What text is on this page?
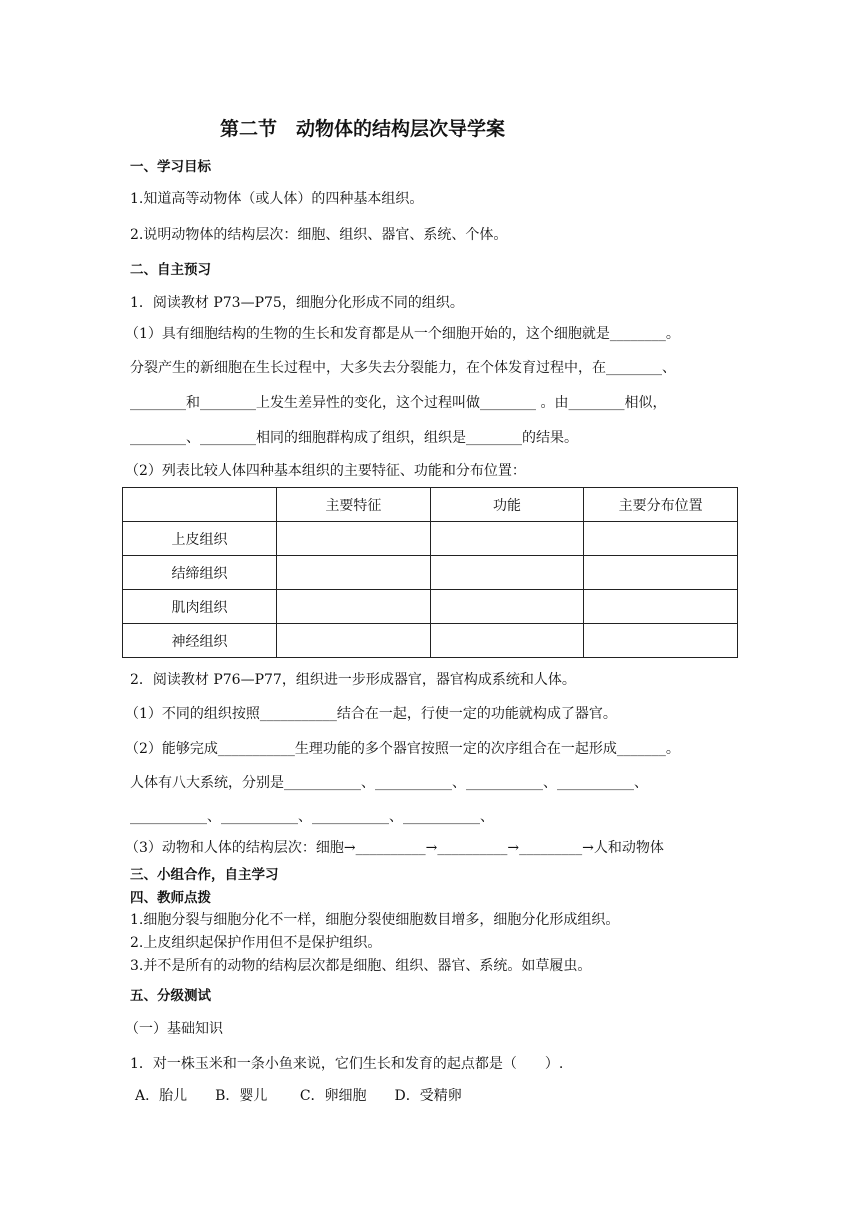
第二节　动物体的结构层次导学案
一、学习目标
1.知道高等动物体（或人体）的四种基本组织。
2.说明动物体的结构层次：细胞、组织、器官、系统、个体。
二、自主预习
1．阅读教材 P73—P75，细胞分化形成不同的组织。
（1）具有细胞结构的生物的生长和发育都是从一个细胞开始的，这个细胞就是________。
分裂产生的新细胞在生长过程中，大多失去分裂能力，在个体发育过程中，在________、
________和________上发生差异性的变化，这个过程叫做________ 。由________相似，
________、________相同的细胞群构成了组织，组织是________的结果。
（2）列表比较人体四种基本组织的主要特征、功能和分布位置：
	主要特征	功能	主要分布位置
上皮组织			
结缔组织			
肌肉组织			
神经组织			
2．阅读教材 P76—P77，组织进一步形成器官，器官构成系统和人体。
（1）不同的组织按照___________结合在一起，行使一定的功能就构成了器官。
（2）能够完成___________生理功能的多个器官按照一定的次序组合在一起形成_______。
人体有八大系统，分别是___________、___________、___________、___________、
___________、___________、___________、___________、
（3）动物和人体的结构层次：细胞→__________→__________→_________→人和动物体
三、小组合作，自主学习
四、教师点拨
1.细胞分裂与细胞分化不一样，细胞分裂使细胞数目增多，细胞分化形成组织。
2.上皮组织起保护作用但不是保护组织。
3.并不是所有的动物的结构层次都是细胞、组织、器官、系统。如草履虫。
五、分级测试
（一）基础知识
1．对一株玉米和一条小鱼来说，它们生长和发育的起点都是（　　）.
A．胎儿　　B．婴儿　　 C．卵细胞　　D．受精卵
